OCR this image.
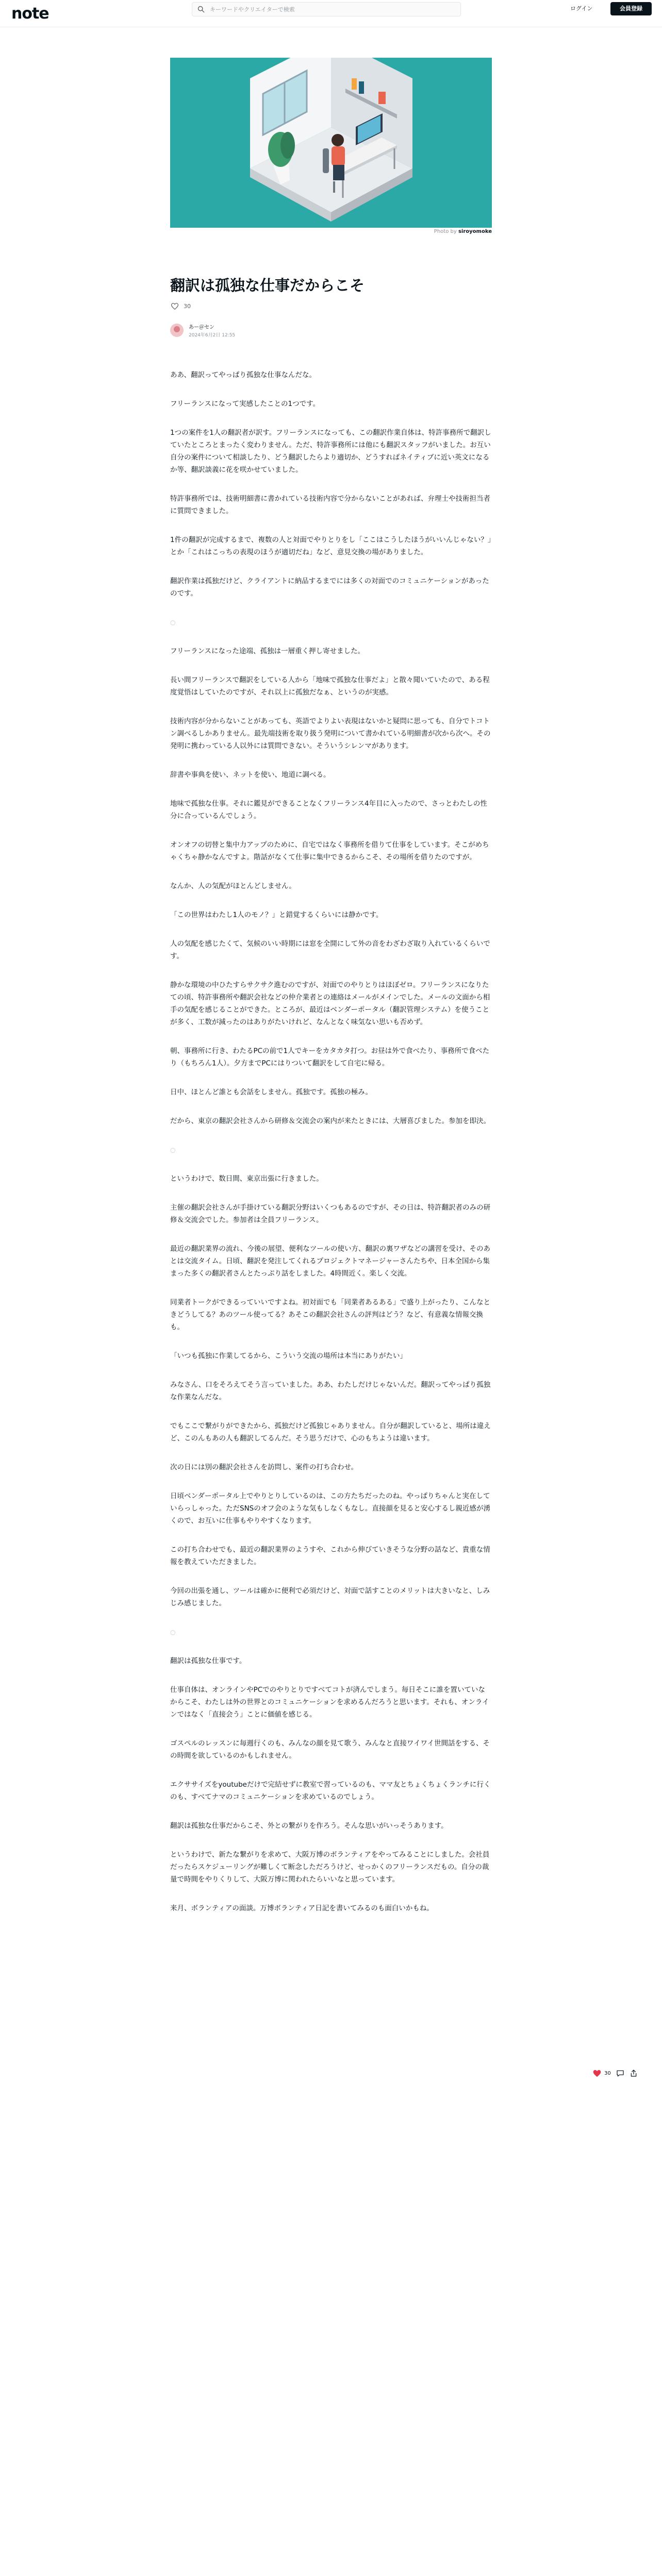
note
キーワードやクリエイターで検索	ログイン	会員登録
Photo by siroyomoke
翻訳は孤独な仕事だからこそ
30
あー＠セン
2024年6月2日 12:55

ああ、翻訳ってやっぱり孤独な仕事なんだな。

フリーランスになって実感したことの1つです。

1つの案件を1人の翻訳者が訳す。フリーランスになっても、この翻訳作業自体は、特許事務所で翻訳していたところとまったく変わりません。ただ、特許事務所には他にも翻訳スタッフがいました。お互い自分の案件について相談したり、どう翻訳したらより適切か、どうすればネイティブに近い英文になるか等、翻訳談義に花を咲かせていました。

特許事務所では、技術明細書に書かれている技術内容で分からないことがあれば、弁理士や技術担当者に質問できました。

1件の翻訳が完成するまで、複数の人と対面でやりとりをし「ここはこうしたほうがいいんじゃない？」とか「これはこっちの表現のほうが適切だね」など、意見交換の場がありました。

翻訳作業は孤独だけど、クライアントに納品するまでには多くの対面でのコミュニケーションがあったのです。

○

フリーランスになった途端、孤独は一層重く押し寄せました。

長い間フリーランスで翻訳をしている人から「地味で孤独な仕事だよ」と散々聞いていたので、ある程度覚悟はしていたのですが、それ以上に孤独だなぁ、というのが実感。

技術内容が分からないことがあっても、英語でよりよい表現はないかと疑問に思っても、自分でトコトン調べるしかありません。最先端技術を取り扱う発明について書かれている明細書が次から次へ。その発明に携わっている人以外には質問できない。そういうシレンマがあります。

辞書や事典を使い、ネットを使い、地道に調べる。

地味で孤独な仕事。それに鑑見ができることなくフリーランス4年目に入ったので、さっとわたしの性分に合っているんでしょう。

オンオフの切替と集中力アップのために、自宅ではなく事務所を借りて仕事をしています。そこがめちゃくちゃ静かなんですよ。階話がなくて仕事に集中できるからこそ、その場所を借りたのですが。

なんか、人の気配がほとんどしません。

「この世界はわたし1人のモノ？」と錯覚するくらいには静かです。

人の気配を感じたくて、気候のいい時期には窓を全開にして外の音をわざわざ取り入れているくらいです。

静かな環境の中ひたすらサクサク進むのですが、対面でのやりとりはほぼゼロ。フリーランスになりたての頃、特許事務所や翻訳会社などの仲介業者との連絡はメールがメインでした。メールの文面から相手の気配を感じることができた。ところが、最近はベンダーポータル（翻訳管理システム）を使うことが多く、工数が減ったのはありがたいけれど、なんとなく味気ない思いも否めず。

朝、事務所に行き、わたるPCの前で1人でキーをカタカタ打つ。お昼は外で食べたり、事務所で食べたり（もちろん1人）。夕方までPCにはりついて翻訳をして自宅に帰る。

日中、ほとんど誰とも会話をしません。孤独です。孤独の極み。

だから、東京の翻訳会社さんから研修＆交流会の案内が来たときには、大層喜びました。参加を即決。

○

というわけで、数日間、東京出張に行きました。

主催の翻訳会社さんが手掛けている翻訳分野はいくつもあるのですが、その日は、特許翻訳者のみの研修＆交流会でした。参加者は全員フリーランス。

最近の翻訳業界の流れ、今後の展望、便利なツールの使い方、翻訳の裏ワザなどの講習を受け、そのあとは交流タイム。日頃、翻訳を発注してくれるプロジェクトマネージャーさんたちや、日本全国から集まった多くの翻訳者さんとたっぷり話をしました。4時間近く。楽しく交流。

同業者トークができるっていいですよね。初対面でも「同業者あるある」で盛り上がったり、こんなときどうしてる？あのツール使ってる？あそこの翻訳会社さんの評判はどう？など、有意義な情報交換も。

「いつも孤独に作業してるから、こういう交流の場所は本当にありがたい」

みなさん、口をそろえてそう言っていました。ああ、わたしだけじゃないんだ。翻訳ってやっぱり孤独な作業なんだな。

でもここで繋がりができたから、孤独だけど孤独じゃありません。自分が翻訳していると、場所は違えど、このんもあの人も翻訳してるんだ。そう思うだけで、心のもちようは違います。

次の日には別の翻訳会社さんを訪問し、案件の打ち合わせ。

日頃ベンダーポータル上でやりとりしているのは、この方たちだったのね。やっぱりちゃんと実在していらっしゃった。ただSNSのオフ会のような気もしなくもなし。直接顔を見ると安心するし親近感が湧くので、お互いに仕事もやりやすくなります。

この打ち合わせでも、最近の翻訳業界のようすや、これから伸びていきそうな分野の話など、貴重な情報を教えていただきました。

今回の出張を通し、ツールは確かに便利で必須だけど、対面で話すことのメリットは大きいなと、しみじみ感じました。

○

翻訳は孤独な仕事です。

仕事自体は、オンラインやPCでのやりとりですべてコトが済んでしまう。毎日そこに誰を置いていなからこそ、わたしは外の世界とのコミュニケーションを求めるんだろうと思います。それも、オンラインではなく「直接会う」ことに価値を感じる。

ゴスペルのレッスンに毎週行くのも、みんなの顔を見て歌う、みんなと直接ワイワイ世間話をする、その時間を欲しているのかもしれません。

エクササイズをyoutubeだけで完結せずに教室で習っているのも、ママ友とちょくちょくランチに行くのも、すべてナマのコミュニケーションを求めているのでしょう。

翻訳は孤独な仕事だからこそ、外との繋がりを作ろう。そんな思いがいっそうあります。

というわけで、新たな繋がりを求めて、大阪万博のボランティアをやってみることにしました。会社員だったらスケジューリングが難しくて断念しただろうけど、せっかくのフリーランスだもの。自分の裁量で時間をやりくりして、大阪万博に関われたらいいなと思っています。

来月、ボランティアの面談。万博ボランティア日記を書いてみるのも面白いかもね。

30
